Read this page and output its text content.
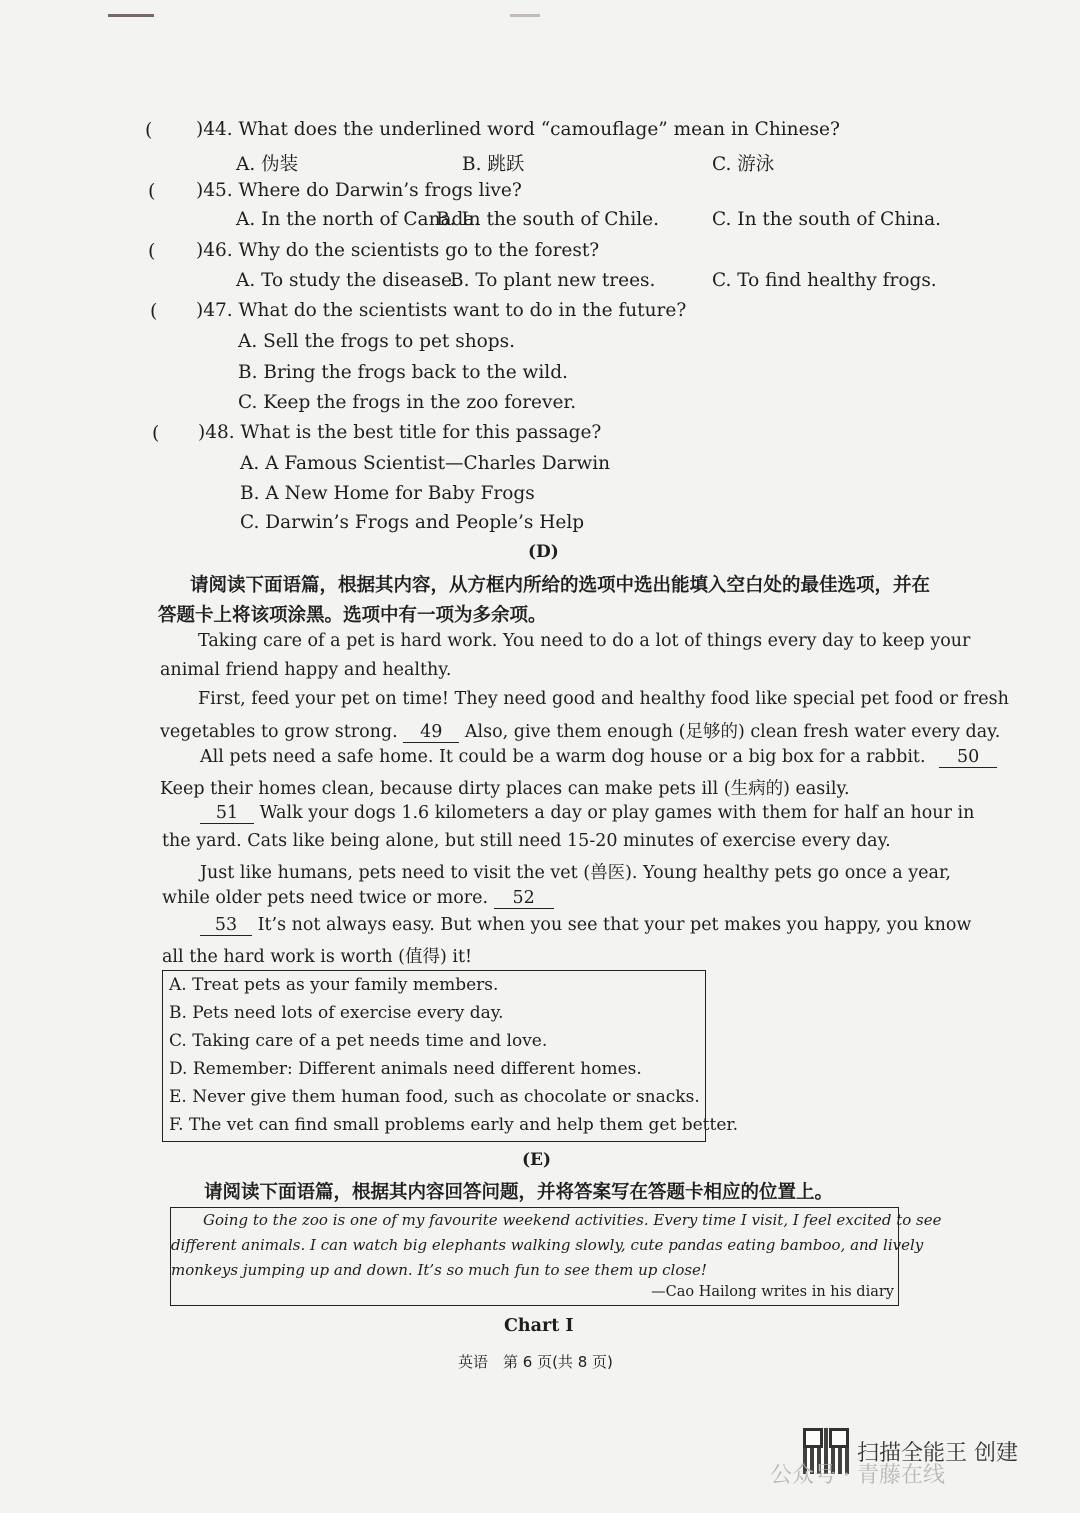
( )44. What does the underlined word “camouflage” mean in Chinese?
A. 伪装	B. 跳跃	C. 游泳
( )45. Where do Darwin’s frogs live?
A. In the north of Canada.
B. In the south of Chile.	C. In the south of China.
( )46. Why do the scientists go to the forest?
A. To study the disease.
B. To plant new trees.	C. To find healthy frogs.
( )47. What do the scientists want to do in the future?
A. Sell the frogs to pet shops.
B. Bring the frogs back to the wild.
C. Keep the frogs in the zoo forever.
( )48. What is the best title for this passage?
A. A Famous Scientist—Charles Darwin
B. A New Home for Baby Frogs
C. Darwin’s Frogs and People’s Help
(D)
请阅读下面语篇，根据其内容，从方框内所给的选项中选出能填入空白处的最佳选项，并在
答题卡上将该项涂黑。选项中有一项为多余项。
Taking care of a pet is hard work. You need to do a lot of things every day to keep your
animal friend happy and healthy.
First, feed your pet on time! They need good and healthy food like special pet food or fresh
vegetables to grow strong. 49 Also, give them enough (足够的) clean fresh water every day.
All pets need a safe home. It could be a warm dog house or a big box for a rabbit. 50
Keep their homes clean, because dirty places can make pets ill (生病的) easily.
51 Walk your dogs 1.6 kilometers a day or play games with them for half an hour in
the yard. Cats like being alone, but still need 15-20 minutes of exercise every day.
Just like humans, pets need to visit the vet (兽医). Young healthy pets go once a year,
while older pets need twice or more. 52
53 It’s not always easy. But when you see that your pet makes you happy, you know
all the hard work is worth (值得) it!
A. Treat pets as your family members.
B. Pets need lots of exercise every day.
C. Taking care of a pet needs time and love.
D. Remember: Different animals need different homes.
E. Never give them human food, such as chocolate or snacks.
F. The vet can find small problems early and help them get better.
(E)
请阅读下面语篇，根据其内容回答问题，并将答案写在答题卡相应的位置上。
Going to the zoo is one of my favourite weekend activities. Every time I visit, I feel excited to see
different animals. I can watch big elephants walking slowly, cute pandas eating bamboo, and lively
monkeys jumping up and down. It’s so much fun to see them up close!
—Cao Hailong writes in his diary
Chart Ⅰ
英语　第 6 页(共 8 页)
公众号 · 青藤在线
扫描全能王 创建
